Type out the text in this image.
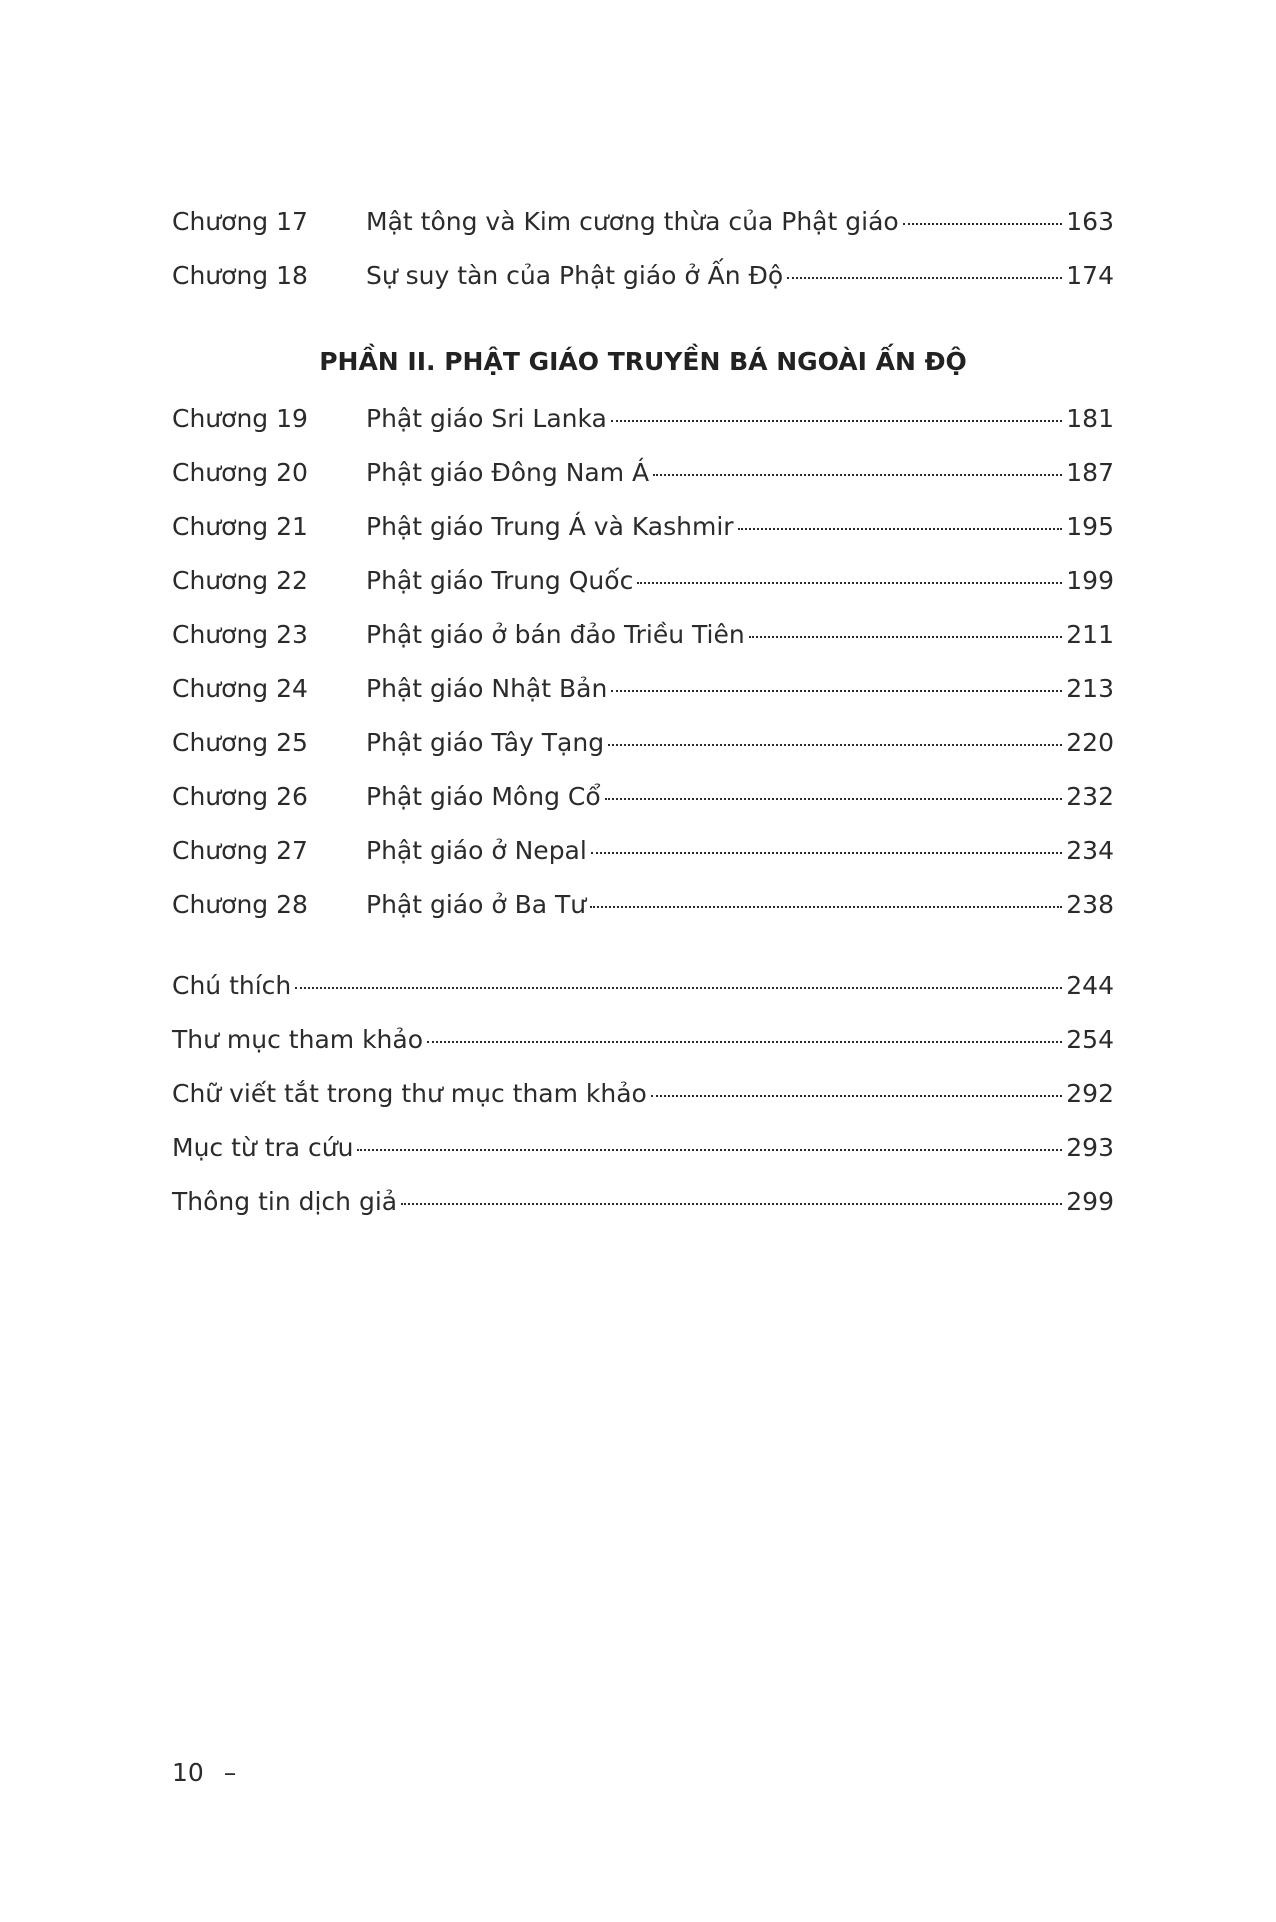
Chương 17	Mật tông và Kim cương thừa của Phật giáo	163
Chương 18	Sự suy tàn của Phật giáo ở Ấn Độ	174
PHẦN II. PHẬT GIÁO TRUYỀN BÁ NGOÀI ẤN ĐỘ
Chương 19	Phật giáo Sri Lanka	181
Chương 20	Phật giáo Đông Nam Á	187
Chương 21	Phật giáo Trung Á và Kashmir	195
Chương 22	Phật giáo Trung Quốc	199
Chương 23	Phật giáo ở bán đảo Triều Tiên	211
Chương 24	Phật giáo Nhật Bản	213
Chương 25	Phật giáo Tây Tạng	220
Chương 26	Phật giáo Mông Cổ	232
Chương 27	Phật giáo ở Nepal	234
Chương 28	Phật giáo ở Ba Tư	238
Chú thích	244
Thư mục tham khảo	254
Chữ viết tắt trong thư mục tham khảo	292
Mục từ tra cứu	293
Thông tin dịch giả	299
10 –
